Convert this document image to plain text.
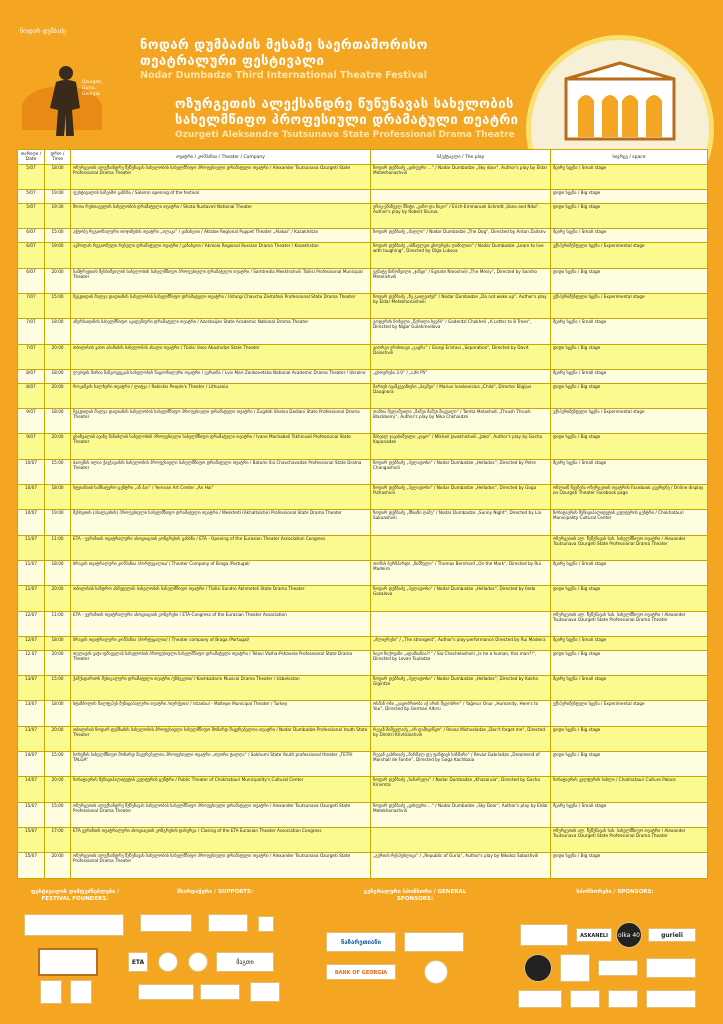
ნოდარ დუმბაძე
Ozurgeti, Guria, Georgia
ნოდარ დუმბაძის მესამე საერთაშორისო
თეატრალური ფესტივალი
Nodar Dumbadze Third International Theatre Festival
ოზურგეთის ალექსანდრე წუწუნავას სახელობის
სახელმწიფო პროფესიული დრამატული თეატრი
Ozurgeti Aleksandre Tsutsunava State Professional Drama Theatre
თარიღი / Date	დრო / Time	თეატრი / კომპანია / Theater / Company	სპექტაკლი / The play	სივრცე / space
5/07	18:00	ოზურგეთის ალექსანდრე წუწუნავას სახელობის სახელმწიფო პროფესიული დრამატული თეატრი / Alexander Tsutsunava Ozurgeti State Professional Drama Theater	ნოდარ დუმბაძე „ცისფერი ...“ / Nodar Dumbadze „Sky door“, Author's play by Eldar Metekhonashvili	მცირე სცენა / Small stage
5/07	19:00	ფესტივალის საზეიმო გახსნა / Solemn opening of the festival		დიდი სცენა / Big stage
5/07	19:30	შოთა რუსთაველის სახელობის დრამატული თეატრი / Shota Rustaveli National Theater	ერიკ-ემანუელ შმიტი „ვანო და ნიკო“ / Erich-Emmanuel Schmitt „Vano and Niko“, Author's play by Robert Sturua	დიდი სცენა / Big stage
6/07	15:00	აქტობე რეგიონალური თოჯინების თეატრი „ალაკა“ / ყაზახეთი / Aktobe Regional Puppet Theater „Alakai“ / Kazakhstan	ნოდარ დუმბაძე „ძაღლი“ / Nodar Dumbadze „The Dog“, Directed by Anton Zaitsev	მცირე სცენა / Small stage
6/07	19:00	აკმოლას რეგიონული რუსული დრამატული თეატრი / ყაზახეთი / Akmola Regional Russian Drama Theater / Kazakhstan	ნოდარ დუმბაძე „ისწავლეთ ცხოვრება ღიმილით“ / Nodar Dumbadze „Learn to live with laughing“, Directed by Olga Lukova	ექსპერიმენტული სცენა / Experimental stage
6/07	20:00	სამტრედიის მესხიშვილის სახელობის სახელმწიფო პროფესიული დრამატული თეატრი / Samtredia Meskhishvili Tbilisi Professional Municipal Theater	ეგნატე ნინოშვილი „ჯანყი“ / Egnate Ninoshvili „The Mesiy“, Directed by Sandro Mrevlishvili	დიდი სცენა / Big stage
7/07	15:00	ზუგდიდის შალვა დადიანის სახელობის სახელმწიფო დრამატული თეატრი / Usturgi Chavcha Zestafoni Professional State Drama Theater	ნოდარ დუმბაძე „ნუ გაიღვიძებ“ / Nodar Dumbadze „Do not wake up“, Author's play by Eldar Metekhonashvili	ექსპერიმენტული სცენა / Experimental stage
7/07	18:00	აზერბაიჯანის სახელმწიფო აკადემიური დრამატული თეატრი / Azerbaijan State Academic National Drama Theater	გოდერძი ჩოხელი „წერილი ხეებს“ / Goderdzi Chokheli „A Letter to 8 Trees“, Directed by Nigar Gulahmedova	მცირე სცენა / Small stage
7/07	20:00	თბილისის ვასო აბაშიძის სახელობის ახალი თეატრი / Tbilisi Vaso Abashidze State Theater	გიორგი ერისთავი „გაყრა“ / Giorgi Eristavi „Separation“, Directed by Davit Doiashvili	დიდი სცენა / Big stage
8/07	18:00	ლვოვის მარია ზანკოვეცკას სახელობის ნაციონალური თეატრი / უკრაინა / Lviv Mari Zankovetska National Academic Drama Theater / Ukraine	„ცხოვრება 3.0“ / „Life P5“	მცირე სცენა / Small stage
8/07	20:00	როკიშკის ხალხური თეატრი / ლიტვა / Rokiskis People's Theater / Lithuania	მარიუს ივაშკევიჩიუსი „ბავშვი“ / Marius Ivaskevicius „Child“, Director Eligijus Daugnora	დიდი სცენა / Big stage
9/07	18:00	ზუგდიდის შალვა დადიანის სახელობის სახელმწიფო პროფესიული დრამატული თეატრი / Zugdidi Shalva Dadiani State Professional Drama Theater	თამთა მელაშვილი „შაშვი შაშვი მაყვალი“ / Tamta Melashvili „Thrush Thrush Blackberry“, Author's play by Nika Chkhaidze	ექსპერიმენტული სცენა / Experimental stage
9/07	20:00	ცხინვალის ივანე მაჩაბლის სახელობის პროფესიული სახელმწიფო დრამატული თეატრი / Ivane Machabeli Tskhinvali Professional State Theater	მიხეილ ჯავახიშვილი „ჯაყო“ / Mikheil Javakhishvili „Jako“, Author's play by Gocha Kapanadze	დიდი სცენა / Big stage
10/07	15:00	ბათუმის ილია ჭავჭავაძის სახელობის პროფესიული სახელმწიფო დრამატული თეატრი / Batumi Ilia Chavchavadze Professional State Drama Theater	ნოდარ დუმბაძე „ჰელადოსი“ / Nodar Dumbadze „Hellados“, Directed by Petre Changashvili	მცირე სცენა / Small stage
10/07	18:00	სტეიანიის სამხატვრო ცენტრი „ან ჰაი“ / Yerevan Art Center „An Hai“	ნოდარ დუმბაძე „ჰელადოსი“ / Nodar Dumbadze „Hellados“, Directed by Goga Pizhashvili	ონლაინ ჩვენება ოზურგეთის თეატრის Facebook გვერდზე / Online display on Ozurgeti Theater Facebook page
10/07	19:00	მესხეთის (ახალციხის) პროფესიული სახელმწიფო დრამატული თეატრი / Meskheti (Akhaltsikhe) Professional State Drama Theater	ნოდარ დუმბაძე „მზიანი ღამე“ / Nodar Dumbadze „Sunny Night“, Directed by Lia Sukuashvili	ჩოხატაურის მუნიციპალიტეტის კულტურის ცენტრი / Chokhatauri Municipality Cultural Center
11/07	11:00	ETA - ევრაზიის თეატრალური ასოციაციის კონგრესის გახსნა / ETA - Opening of the Eurasian Theater Association Congress		ოზურგეთის ალ. წუწუნავას სახ. სახელმწიფო თეატრი / Alexander Tsutsunava Ozurgeti State Professional Drama Theater
11/07	18:00	ბრაგის თეატრალური კომპანია /პორტუგალია/ / Theater Company of Braga /Portugal/	თომას ბერნჰარდი „ნიშნული“ / Thomas Bernhard „On the Mark“, Directed by Rui Madeira	მცირე სცენა / Small stage
11/07	20:00	თბილისის სანდრო ახმეტელის სახელობის სახელმწიფო თეატრი / Tbilisi Sandro Akhmeteli State Drama Theater	ნოდარ დუმბაძე „ჰელადოსი“ / Nodar Dumbadze „Hellados“, Directed by Ileda Gozalova	დიდი სცენა / Big stage
12/07	11:00	ETA - ევრაზიის თეატრალური ასოციაციის კონგრესი / ETA-Congress of the Eurasian Theater Association		ოზურგეთის ალ. წუწუნავას სახ. სახელმწიფო თეატრი / Alexander Tsutsunava Ozurgeti State Professional Drama Theater
12/07	18:00	ბრაგის თეატრალური კომპანია /პორტუგალია/ / Theater company of Braga /Portugal/	„ძლიერები“ / „The strongest“, Author's play-performance Directed by Rui Madeira	მცირე სცენა / Small stage
12.07	20:00	თელავის ვაჟა-ფშაველას სახელობის პროფესიული სახელმწიფო დრამატული თეატრი / Telavi Vazha-Pshavela Professional State Drama Theater	სიკო ჩიქოვანი „ადამიანია?!“ / Sio Chechelashvili „Is he a human, this man?!“, Directed by Levan Tsuladze	დიდი სცენა / Big stage
13/07	15:00	ქაშქადარიოს მუსიკალური დრამატული თეატრი /უზბეკეთი/ / Kashkadarin Musical Drama Theater / Uzbekistan	ნოდარ დუმბაძე „ჰელადოსი“ / Nodar Dumbadze „Hellados“, Directed by Kakha Gigintze	მცირე სცენა / Small stage
13/07	18:00	სტამბოლის მალტეპეს მუნიციპალური თეატრი /თურქეთი/ / Istanbul - Maltepe Municipal Theater / Turkey	ოსმან ოზი „კაცობრიობა აქ არის მეგობრო“ / Yağmur Onur „Humanity, Here's to You“, Directed by German Altırsi	ექსპერიმენტული სცენა / Experimental stage
13/07	20:00	თბილისის ნოდარ დუმბაძის სახელობის პროფესიული სახელმწიფო მოზარდ მაყურებელთა თეატრი / Nodar Dumbadze Professional Youth State Theater	რევაზ მიშველაძე „არ დამივიწყო“ / Revaz Mishveladze „Don't forget me“, Directed by Dimitri Khvtisiashvili	დიდი სცენა / Big stage
14/07	15:00	სოხუმის სახელმწიფო მოზარდ მაყურებელთა პროფესიული თეატრი „თეთრი ტალღა“ / Sokhumi State Youth professional theater „TETRI TALGA“	რევაზ გაბრიაძე „მარშალ დე ფანტიეს სიზმარი“ / Revaz Gabriadze „Dreamend of Marshall de Fantie“, Directed by Goga Kachibaia	დიდი სცენა / Big stage
14/07	20:00	ჩოხატაურის მუნიციპალიტეტის კულტურის ცენტრი / Public Theater of Chokhatauri Municipality's Cultural Center	ნოდარ დუმბაძე „ხაზარულა“ / Nodar Dumbadze „Khazarula“, Directed by Gocha Kirvimta	ჩოხატაურის კულტურის სახლი / Chokhatauri Culture Palace
15/07	15:00	ოზურგეთის ალექსანდრე წუწუნავას სახელობის სახელმწიფო პროფესიული დრამატული თეატრი / Alexander Tsutsunava Ozurgeti State Professional Drama Theater	ნოდარ დუმბაძე „ცისფერი ...“ / Nodar Dumbadze „Sky Door“, Author's play by Eldar Metekhonashvili	მცირე სცენა / Small stage
15/07	17:00	ETA ევრაზიის თეატრალური ასოციაციის კონგრესის დახურვა / Closing of the ETA Eurasian Theater Association Congress		ოზურგეთის ალ. წუწუნავას სახ. სახელმწიფო თეატრი / Alexander Tsutsunava Ozurgeti State Professional Drama Theater
15/07	20:00	ოზურგეთის ალექსანდრე წუწუნავას სახელობის სახელმწიფო პროფესიული დრამატული თეატრი / Alexander Tsutsunava Ozurgeti State Professional Drama Theater	„გურიის რესპუბლიკა“ / „Republic of Guria“, Author's play by Nikoloz Sabashvili	დიდი სცენა / Big stage
ფესტივალის დამფუძნებლები / FESTIVAL FOUNDERS:
მხარდაჭერა / SUPPORTS:	გენერალური სპონსორი / GENERAL SPONSORS:
სპონსორები / SPONSORS:
ETA	მაგთი
ნაზარეთიანი
BANK OF GEORGIA
ASKANELI	olka 40	gurieli
